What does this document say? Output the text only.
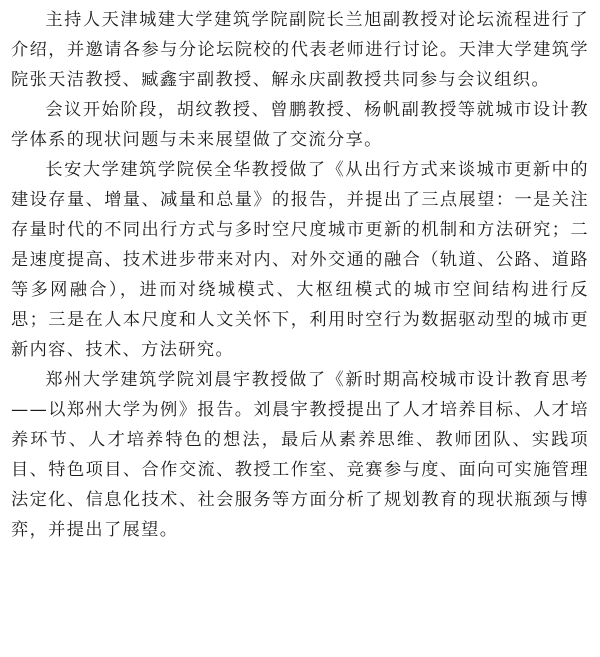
主持人天津城建大学建筑学院副院长兰旭副教授对论坛流程进行了介绍，并邀请各参与分论坛院校的代表老师进行讨论。天津大学建筑学院张天洁教授、臧鑫宇副教授、解永庆副教授共同参与会议组织。

会议开始阶段，胡纹教授、曾鹏教授、杨帆副教授等就城市设计教学体系的现状问题与未来展望做了交流分享。

长安大学建筑学院侯全华教授做了《从出行方式来谈城市更新中的建设存量、增量、减量和总量》的报告，并提出了三点展望：一是关注存量时代的不同出行方式与多时空尺度城市更新的机制和方法研究；二是速度提高、技术进步带来对内、对外交通的融合（轨道、公路、道路等多网融合），进而对绕城模式、大枢纽模式的城市空间结构进行反思；三是在人本尺度和人文关怀下，利用时空行为数据驱动型的城市更新内容、技术、方法研究。

郑州大学建筑学院刘晨宇教授做了《新时期高校城市设计教育思考——以郑州大学为例》报告。刘晨宇教授提出了人才培养目标、人才培养环节、人才培养特色的想法，最后从素养思维、教师团队、实践项目、特色项目、合作交流、教授工作室、竞赛参与度、面向可实施管理法定化、信息化技术、社会服务等方面分析了规划教育的现状瓶颈与博弈，并提出了展望。
